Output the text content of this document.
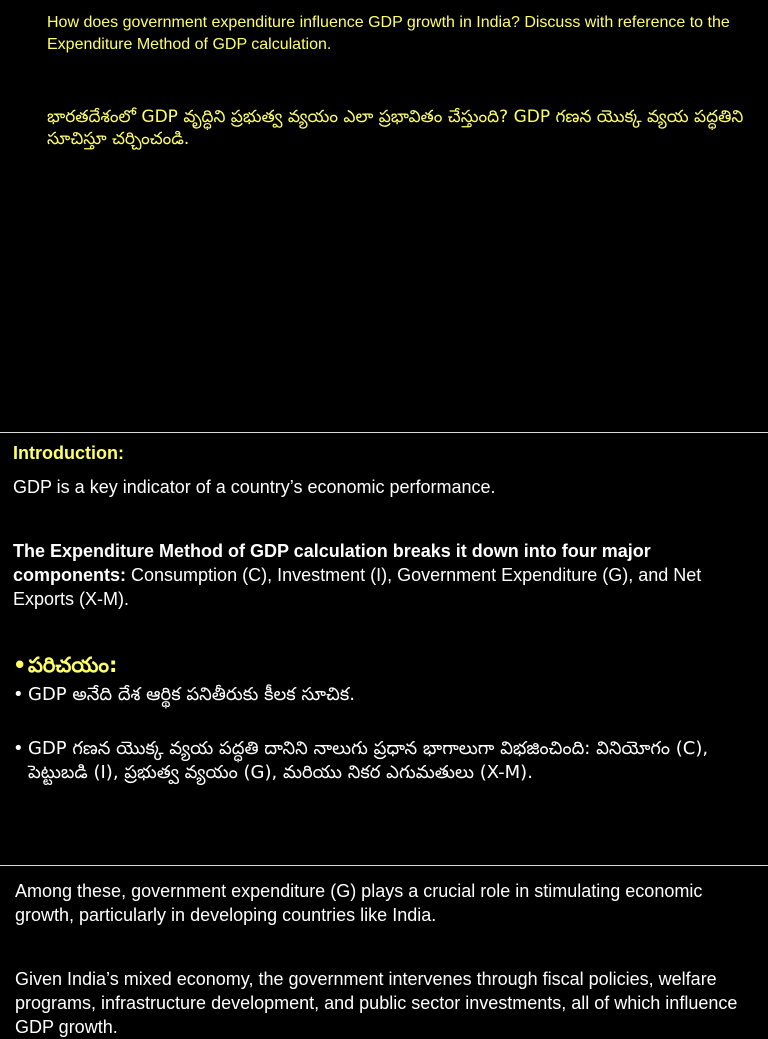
How does government expenditure influence GDP growth in India? Discuss with reference to the Expenditure Method of GDP calculation.

భారతదేశంలో GDP వృద్ధిని ప్రభుత్వ వ్యయం ఎలా ప్రభావితం చేస్తుంది? GDP గణన యొక్క వ్యయ పద్ధతిని సూచిస్తూ చర్చించండి.

Introduction:

GDP is a key indicator of a country’s economic performance.

The Expenditure Method of GDP calculation breaks it down into four major components: Consumption (C), Investment (I), Government Expenditure (G), and Net Exports (X-M).

• పరిచయం:
• GDP అనేది దేశ ఆర్థిక పనితీరుకు కీలక సూచిక.
• GDP గణన యొక్క వ్యయ పద్ధతి దానిని నాలుగు ప్రధాన భాగాలుగా విభజించింది: వినియోగం (C), పెట్టుబడి (I), ప్రభుత్వ వ్యయం (G), మరియు నికర ఎగుమతులు (X-M).

Among these, government expenditure (G) plays a crucial role in stimulating economic growth, particularly in developing countries like India.

Given India’s mixed economy, the government intervenes through fiscal policies, welfare programs, infrastructure development, and public sector investments, all of which influence GDP growth.
